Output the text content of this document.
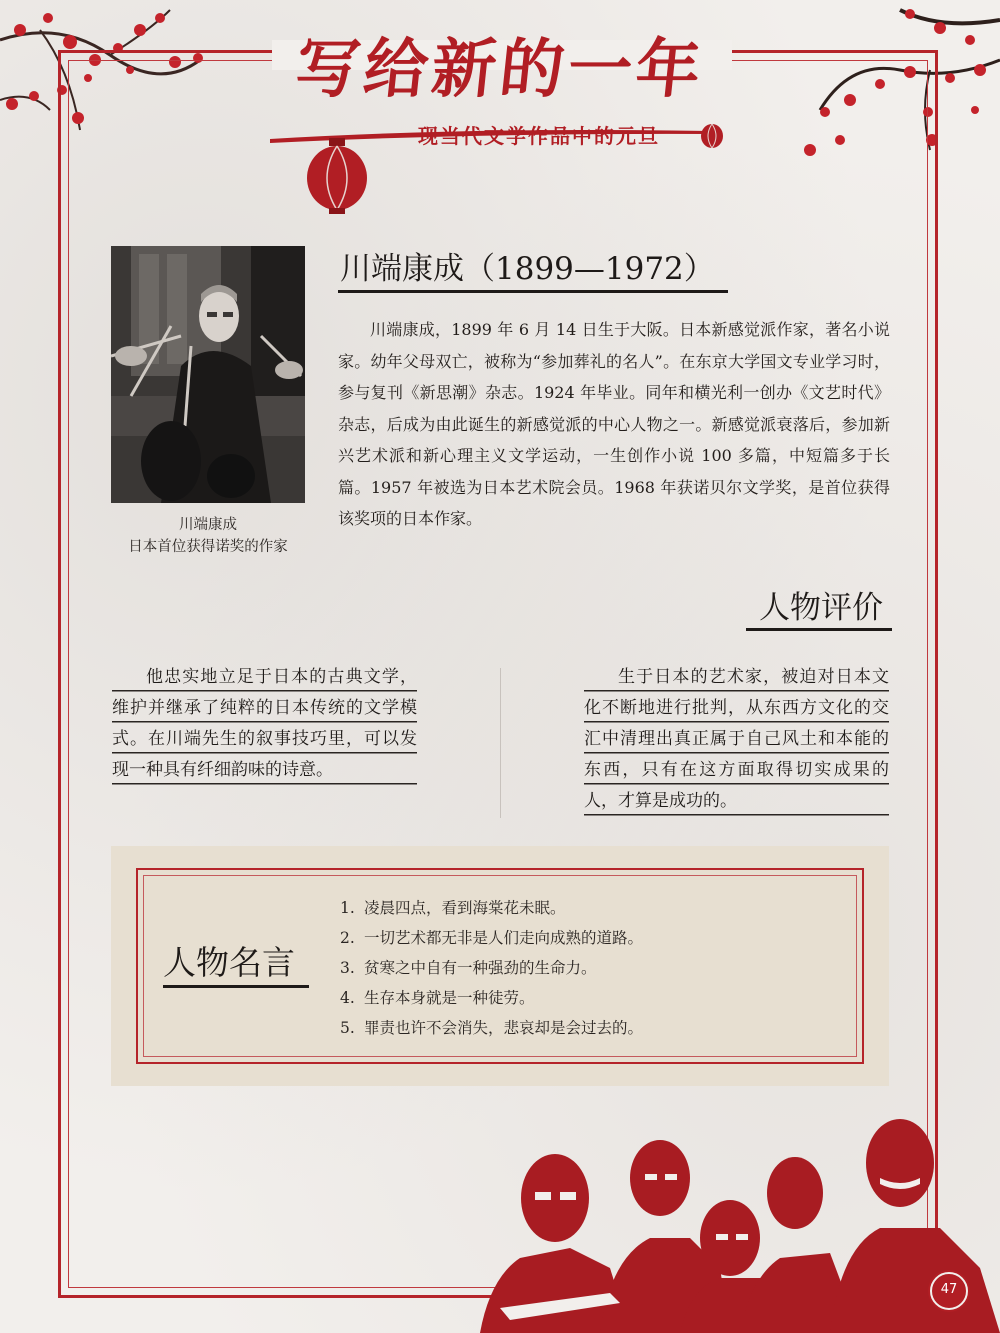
写给新的一年
现当代文学作品中的元旦
川端康成
日本首位获得诺奖的作家
川端康成（1899—1972）
川端康成，1899 年 6 月 14 日生于大阪。日本新感觉派作家，著名小说家。幼年父母双亡，被称为“参加葬礼的名人”。在东京大学国文专业学习时，参与复刊《新思潮》杂志。1924 年毕业。同年和横光利一创办《文艺时代》杂志，后成为由此诞生的新感觉派的中心人物之一。新感觉派衰落后，参加新兴艺术派和新心理主义文学运动，一生创作小说 100 多篇，中短篇多于长篇。1957 年被选为日本艺术院会员。1968 年获诺贝尔文学奖，是首位获得该奖项的日本作家。
人物评价

他忠实地立足于日本的古典文学，维护并继承了纯粹的日本传统的文学模式。在川端先生的叙事技巧里，可以发现一种具有纤细韵味的诗意。

生于日本的艺术家，被迫对日本文化不断地进行批判，从东西方文化的交汇中清理出真正属于自己风土和本能的东西，只有在这方面取得切实成果的人，才算是成功的。

人物名言
1. 凌晨四点，看到海棠花未眠。
2. 一切艺术都无非是人们走向成熟的道路。
3. 贫寒之中自有一种强劲的生命力。
4. 生存本身就是一种徒劳。
5. 罪责也许不会消失，悲哀却是会过去的。
47
